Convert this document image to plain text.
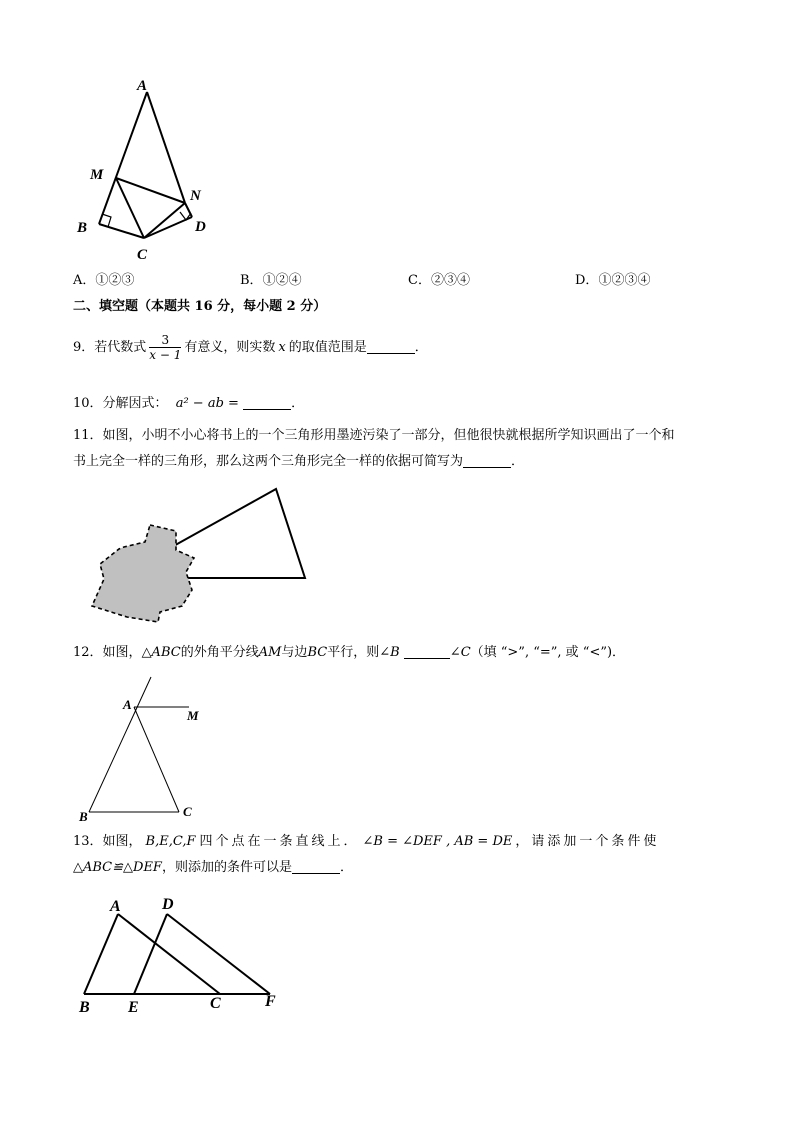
A
M
N
B	D
C
A．①②③	B．①②④	C．②③④	D．①②③④
二、填空题（本题共 16 分，每小题 2 分）
9． 若代数式 $\frac{3}{x - 1}$ 有意义，则实数 x 的取值范围是	．
10．分解因式： a² − ab =	．
11．如图，小明不小心将书上的一个三角形用墨迹污染了一部分，但他很快就根据所学知识画出了一个和
书上完全一样的三角形，那么这两个三角形完全一样的依据可简写为	．
12．如图，△ABC的外角平分线AM与边BC平行，则∠B	∠C（填 “>”, “=”, 或 “<”)．
A
M
B	C
13．如图， B,E,C,F 四个点在一条直线上． ∠B = ∠DEF , AB = DE ，请添加一个条件使
△ABC≌△DEF，则添加的条件可以是	．
A	D
B E	C	F
